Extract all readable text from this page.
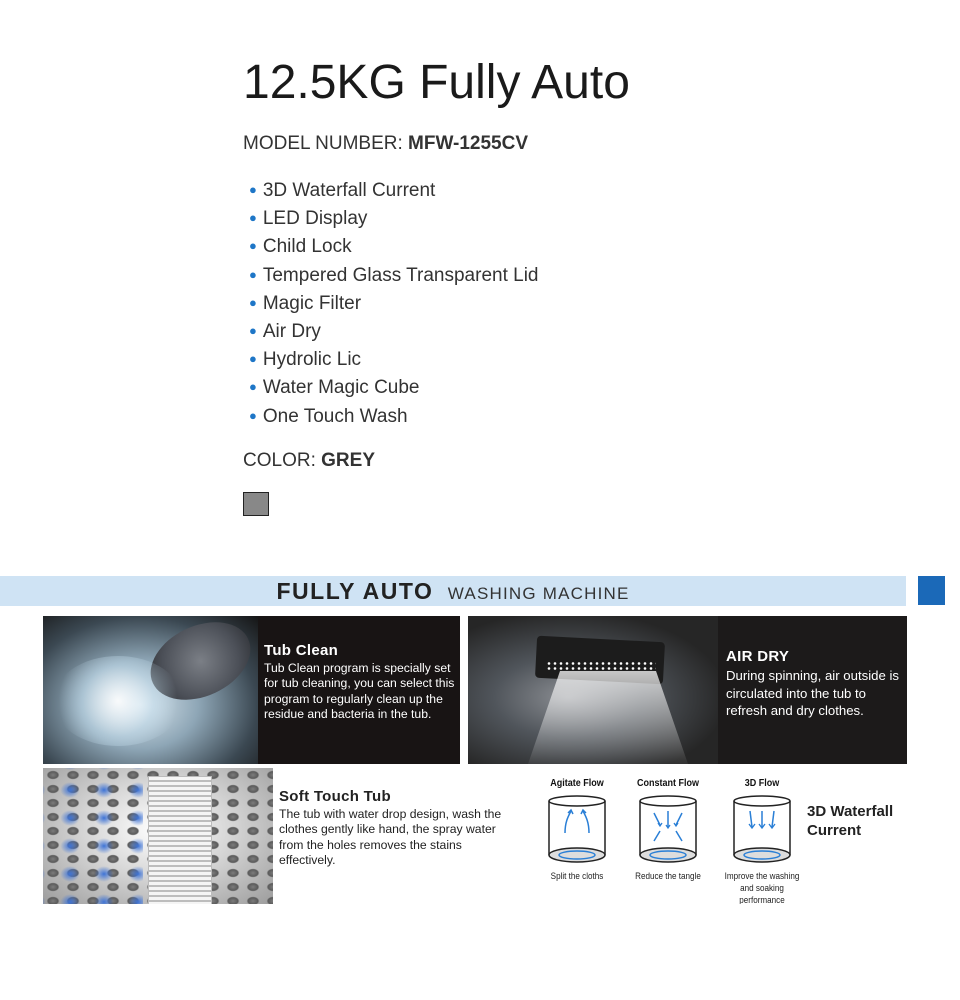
12.5KG Fully Auto
MODEL NUMBER: MFW-1255CV
● 3D Waterfall Current
● LED Display
● Child Lock
● Tempered Glass Transparent Lid
● Magic Filter
● Air Dry
● Hydrolic Lic
● Water Magic Cube
● One Touch Wash
COLOR: GREY
FULLY AUTO WASHING MACHINE
Tub Clean

Tub Clean program is specially set for tub cleaning, you can select this program to regularly clean up the residue and bacteria in the tub.

AIR DRY

During spinning, air outside is circulated into the tub to refresh and dry clothes.

Soft Touch Tub

The tub with water drop design, wash the clothes gently like hand, the spray water from the holes removes the stains effectively.

Agitate Flow
Split the cloths
Constant Flow
Reduce the tangle
3D Flow
Improve the washing and soaking performance
3D Waterfall Current
